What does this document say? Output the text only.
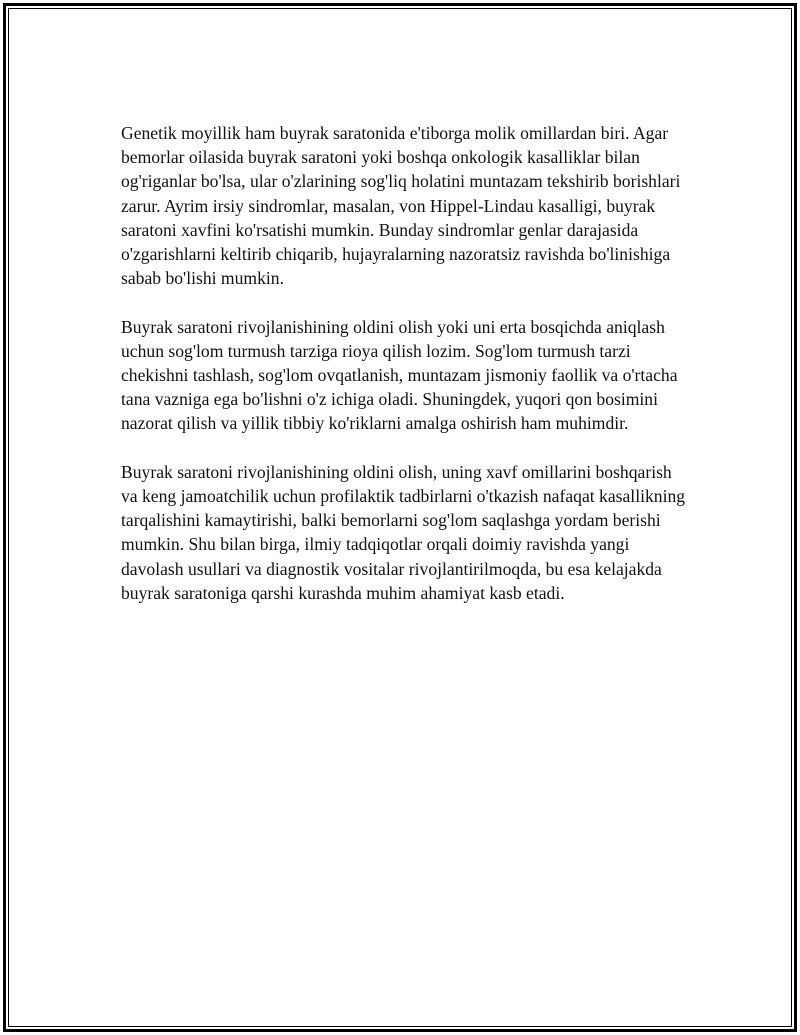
Genetik moyillik ham buyrak saratonida e'tiborga molik omillardan biri. Agar bemorlar oilasida buyrak saratoni yoki boshqa onkologik kasalliklar bilan og'riganlar bo'lsa, ular o'zlarining sog'liq holatini muntazam tekshirib borishlari zarur. Ayrim irsiy sindromlar, masalan, von Hippel-Lindau kasalligi, buyrak saratoni xavfini ko'rsatishi mumkin. Bunday sindromlar genlar darajasida o'zgarishlarni keltirib chiqarib, hujayralarning nazoratsiz ravishda bo'linishiga sabab bo'lishi mumkin.

Buyrak saratoni rivojlanishining oldini olish yoki uni erta bosqichda aniqlash uchun sog'lom turmush tarziga rioya qilish lozim. Sog'lom turmush tarzi chekishni tashlash, sog'lom ovqatlanish, muntazam jismoniy faollik va o'rtacha tana vazniga ega bo'lishni o'z ichiga oladi. Shuningdek, yuqori qon bosimini nazorat qilish va yillik tibbiy ko'riklarni amalga oshirish ham muhimdir.

Buyrak saratoni rivojlanishining oldini olish, uning xavf omillarini boshqarish va keng jamoatchilik uchun profilaktik tadbirlarni o'tkazish nafaqat kasallikning tarqalishini kamaytirishi, balki bemorlarni sog'lom saqlashga yordam berishi mumkin. Shu bilan birga, ilmiy tadqiqotlar orqali doimiy ravishda yangi davolash usullari va diagnostik vositalar rivojlantirilmoqda, bu esa kelajakda buyrak saratoniga qarshi kurashda muhim ahamiyat kasb etadi.
